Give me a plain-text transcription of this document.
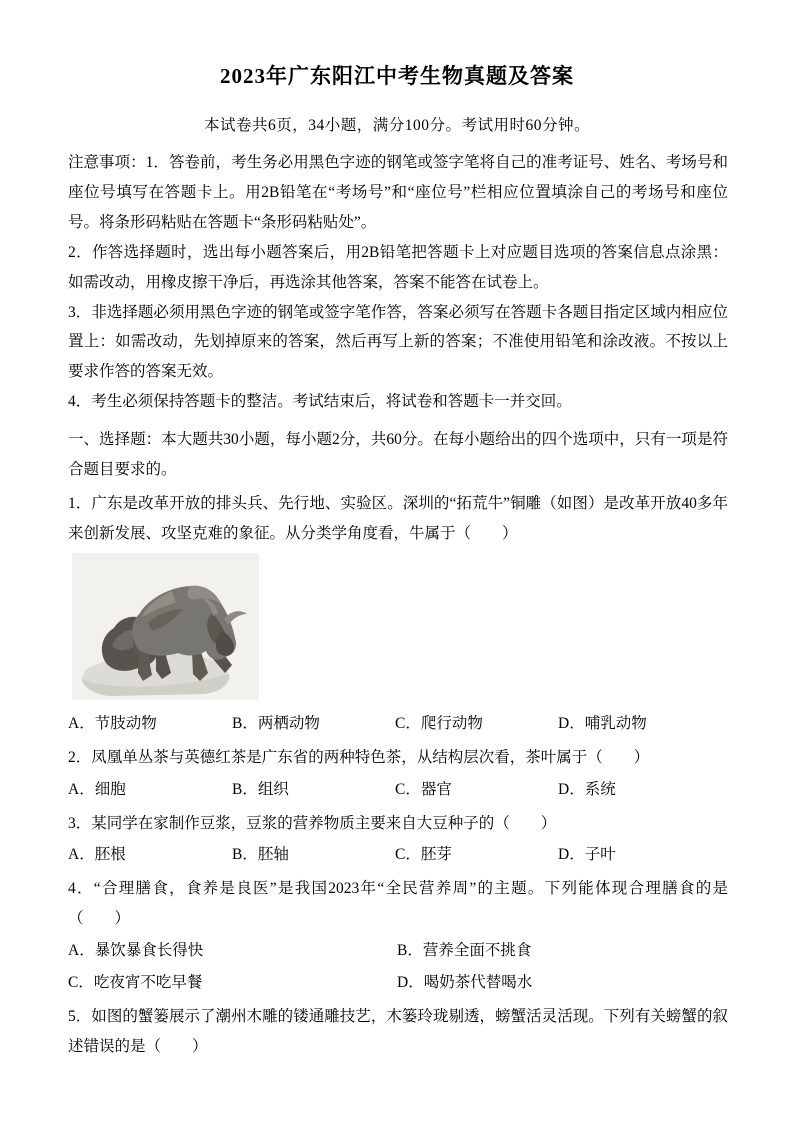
2023年广东阳江中考生物真题及答案
本试卷共6页，34小题，满分100分。考试用时60分钟。

注意事项：1．答卷前，考生务必用黑色字迹的钢笔或签字笔将自己的准考证号、姓名、考场号和座位号填写在答题卡上。用2B铅笔在“考场号”和“座位号”栏相应位置填涂自己的考场号和座位号。将条形码粘贴在答题卡“条形码粘贴处”。

2．作答选择题时，选出每小题答案后，用2B铅笔把答题卡上对应题目选项的答案信息点涂黑：如需改动，用橡皮擦干净后，再选涂其他答案，答案不能答在试卷上。

3．非选择题必须用黑色字迹的钢笔或签字笔作答，答案必须写在答题卡各题目指定区域内相应位置上：如需改动，先划掉原来的答案，然后再写上新的答案；不准使用铅笔和涂改液。不按以上要求作答的答案无效。

4．考生必须保持答题卡的整洁。考试结束后，将试卷和答题卡一并交回。

一、选择题：本大题共30小题，每小题2分，共60分。在每小题给出的四个选项中，只有一项是符合题目要求的。

1．广东是改革开放的排头兵、先行地、实验区。深圳的“拓荒牛”铜雕（如图）是改革开放40多年来创新发展、攻坚克难的象征。从分类学角度看，牛属于（　　）

A．节肢动物	B．两栖动物	C．爬行动物	D．哺乳动物

2．凤凰单丛茶与英德红茶是广东省的两种特色茶，从结构层次看，茶叶属于（　　）

A．细胞	B．组织	C．器官	D．系统

3．某同学在家制作豆浆，豆浆的营养物质主要来自大豆种子的（　　）

A．胚根	B．胚轴	C．胚芽	D．子叶

4．“合理膳食，食养是良医”是我国2023年“全民营养周”的主题。下列能体现合理膳食的是（　　）

A．暴饮暴食长得快	B．营养全面不挑食
C．吃夜宵不吃早餐	D．喝奶茶代替喝水

5．如图的蟹篓展示了潮州木雕的镂通雕技艺，木篓玲珑剔透，螃蟹活灵活现。下列有关螃蟹的叙述错误的是（　　）
